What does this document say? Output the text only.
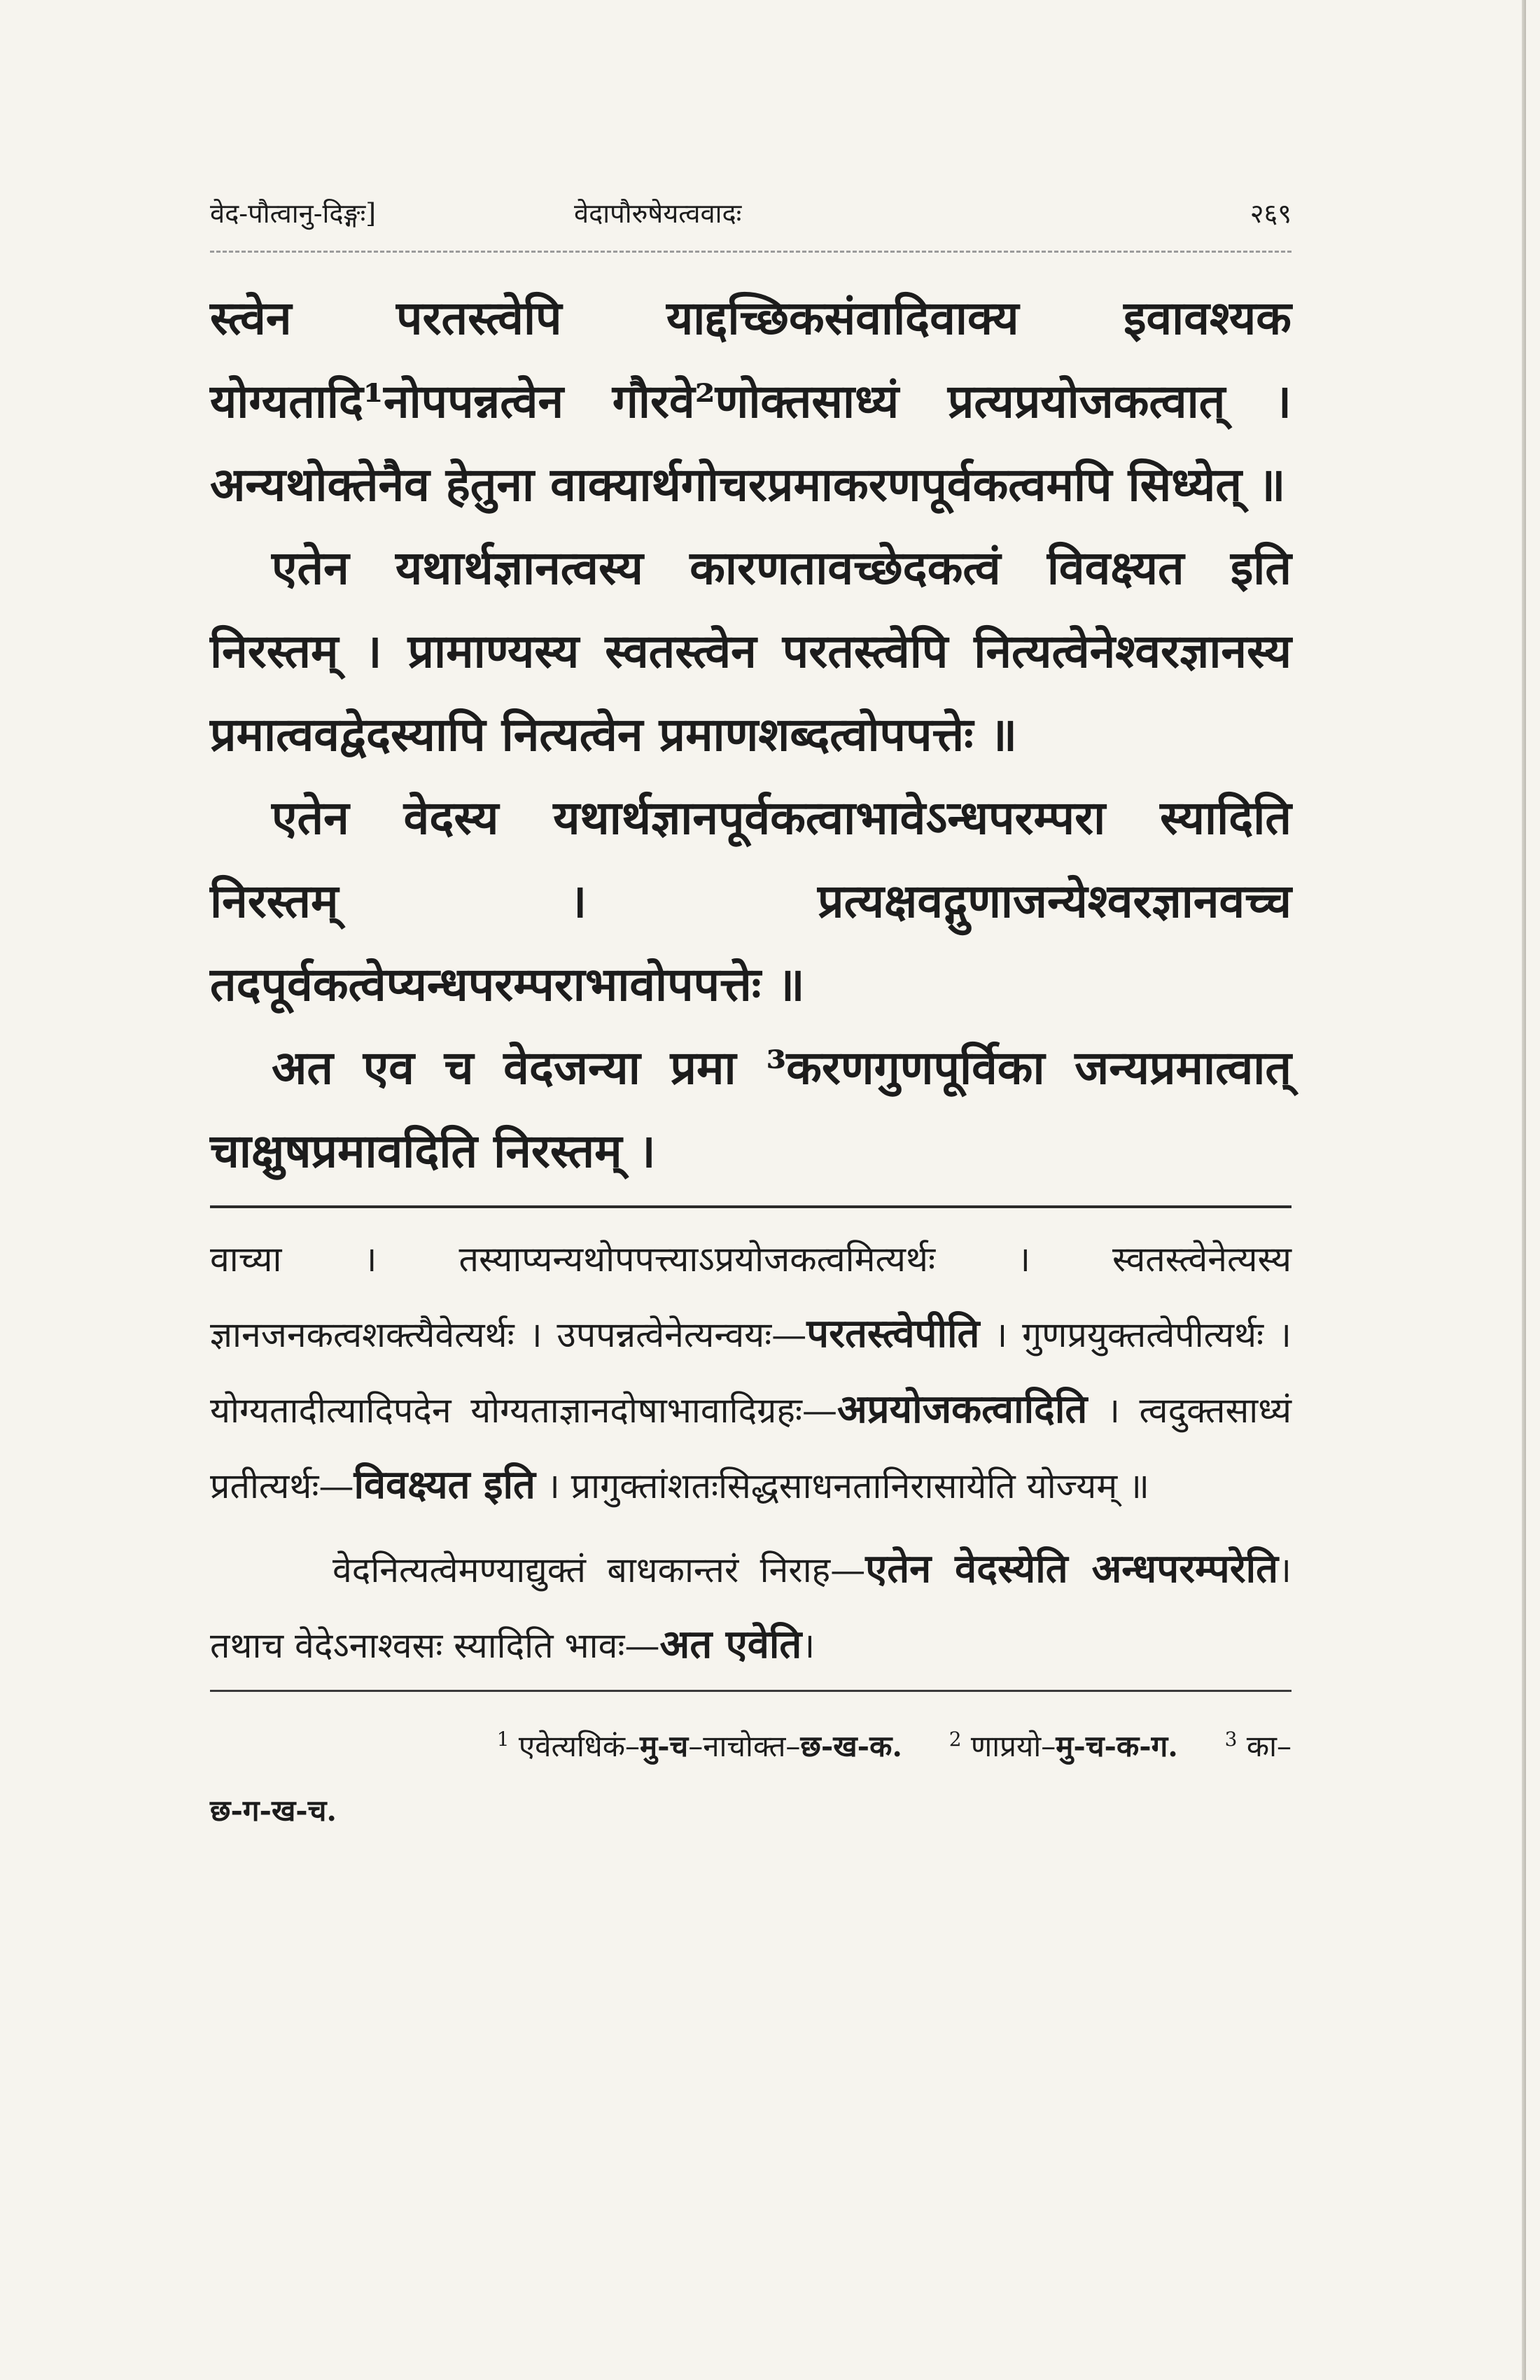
वेद-पौत्वानु-दिङ्गः]	वेदापौरुषेयत्ववादः	२६९

स्त्वेन परतस्त्वेपि याद्दच्छिकसंवादिवाक्य इवावश्यक योग्यतादि¹नोपपन्नत्वेन गौरवे²णोक्तसाध्यं प्रत्यप्रयोजकत्वात् । अन्यथोक्तेनैव हेतुना वाक्यार्थगोचरप्रमाकरणपूर्वकत्वमपि सिध्येत् ॥

एतेन यथार्थज्ञानत्वस्य कारणतावच्छेदकत्वं विवक्ष्यत इति निरस्तम् । प्रामाण्यस्य स्वतस्त्वेन परतस्त्वेपि नित्यत्वेनेश्वरज्ञानस्य प्रमात्ववद्वेदस्यापि नित्यत्वेन प्रमाणशब्दत्वोपपत्तेः ॥

एतेन वेदस्य यथार्थज्ञानपूर्वकत्वाभावेऽन्धपरम्परा स्यादिति निरस्तम् । प्रत्यक्षवद्गुणाजन्येश्वरज्ञानवच्च तदपूर्वकत्वेप्यन्धपरम्पराभावोपपत्तेः ॥

अत एव च वेदजन्या प्रमा ³करणगुणपूर्विका जन्यप्रमात्वात् चाक्षुषप्रमावदिति निरस्तम् ।

वाच्या । तस्याप्यन्यथोपपत्त्याऽप्रयोजकत्वमित्यर्थः । स्वतस्त्वेनेत्यस्य ज्ञानजनकत्वशक्त्यैवेत्यर्थः । उपपन्नत्वेनेत्यन्वयः—परतस्त्वेपीति । गुणप्रयुक्तत्वेपीत्यर्थः । योग्यतादीत्यादिपदेन योग्यताज्ञानदोषाभावादिग्रहः—अप्रयोजकत्वादिति । त्वदुक्तसाध्यं प्रतीत्यर्थः—विवक्ष्यत इति । प्रागुक्तांशतःसिद्धसाधनतानिरासायेति योज्यम् ॥

वेदनित्यत्वेमण्याद्युक्तं बाधकान्तरं निराह—एतेन वेदस्येति अन्धपरम्परेति। तथाच वेदेऽनाश्वसः स्यादिति भावः—अत एवेति।

$^1$ एवेत्यधिकं–मु-च–नाचोक्त–छ-ख-क. $^2$ णाप्रयो–मु-च-क-ग. $^3$ का–
छ-ग-ख-च.
